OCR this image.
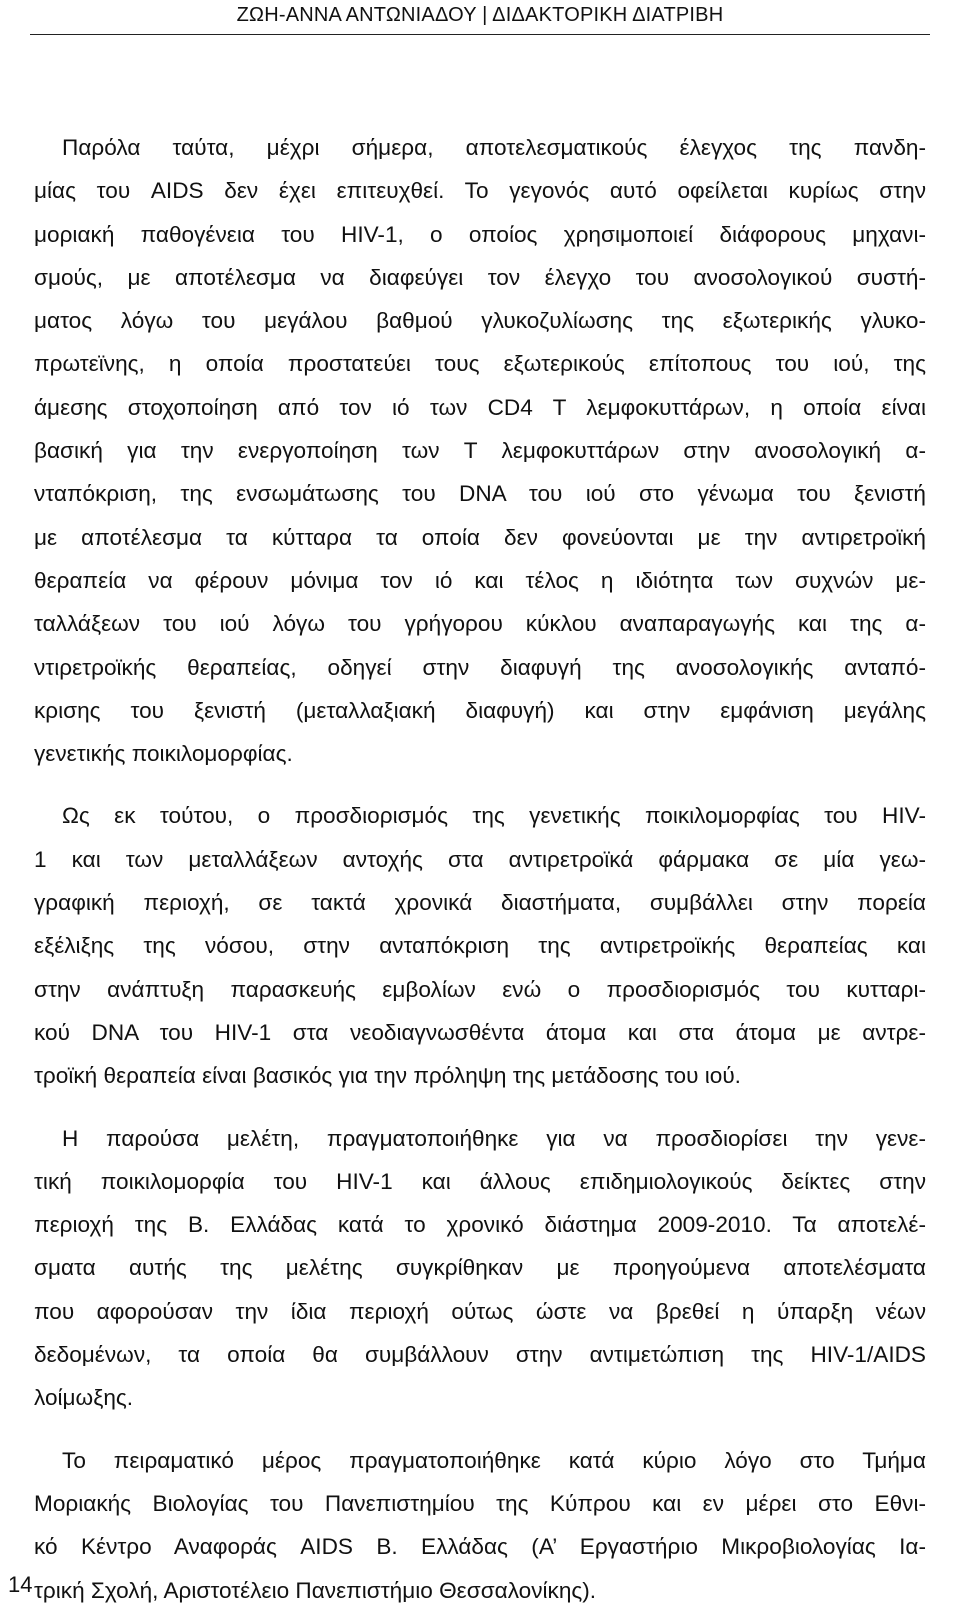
ΖΩΗ-ΑΝΝΑ ΑΝΤΩΝΙΑΔΟΥ | ΔΙΔΑΚΤΟΡΙΚΗ ΔΙΑΤΡΙΒΗ
Παρόλα ταύτα, μέχρι σήμερα, αποτελεσματικούς έλεγχος της πανδη-
μίας του AIDS δεν έχει επιτευχθεί. Το γεγονός αυτό οφείλεται κυρίως στην
μοριακή παθογένεια του HIV-1, ο οποίος χρησιμοποιεί διάφορους μηχανι-
σμούς, με αποτέλεσμα να διαφεύγει τον έλεγχο του ανοσολογικού συστή-
ματος λόγω του μεγάλου βαθμού γλυκοζυλίωσης της εξωτερικής γλυκο-
πρωτεϊνης, η οποία προστατεύει τους εξωτερικούς επίτοπους του ιού, της
άμεσης στοχοποίηση από τον ιό των CD4 T λεμφοκυττάρων, η οποία είναι
βασική για την ενεργοποίηση των T λεμφοκυττάρων στην ανοσολογική α-
νταπόκριση, της ενσωμάτωσης του DNA του ιού στο γένωμα του ξενιστή
με αποτέλεσμα τα κύτταρα τα οποία δεν φονεύονται με την αντιρετροϊκή
θεραπεία να φέρουν μόνιμα τον ιό και τέλος η ιδιότητα των συχνών με-
ταλλάξεων του ιού λόγω του γρήγορου κύκλου αναπαραγωγής και της α-
ντιρετροϊκής θεραπείας, οδηγεί στην διαφυγή της ανοσολογικής ανταπό-
κρισης του ξενιστή (μεταλλαξιακή διαφυγή) και στην εμφάνιση μεγάλης
γενετικής ποικιλομορφίας.
Ως εκ τούτου, ο προσδιορισμός της γενετικής ποικιλομορφίας του HIV-
1 και των μεταλλάξεων αντοχής στα αντιρετροϊκά φάρμακα σε μία γεω-
γραφική περιοχή, σε τακτά χρονικά διαστήματα, συμβάλλει στην πορεία
εξέλιξης της νόσου, στην ανταπόκριση της αντιρετροϊκής θεραπείας και
στην ανάπτυξη παρασκευής εμβολίων ενώ ο προσδιορισμός του κυτταρι-
κού DNA του HIV-1 στα νεοδιαγνωσθέντα άτομα και στα άτομα με αντρε-
τροϊκή θεραπεία είναι βασικός για την πρόληψη της μετάδοσης του ιού.
Η παρούσα μελέτη, πραγματοποιήθηκε για να προσδιορίσει την γενε-
τική ποικιλομορφία του HIV-1 και άλλους επιδημιολογικούς δείκτες στην
περιοχή της Β. Ελλάδας κατά το χρονικό διάστημα 2009-2010. Τα αποτελέ-
σματα αυτής της μελέτης συγκρίθηκαν με προηγούμενα αποτελέσματα
που αφορούσαν την ίδια περιοχή ούτως ώστε να βρεθεί η ύπαρξη νέων
δεδομένων, τα οποία θα συμβάλλουν στην αντιμετώπιση της HIV-1/AIDS
λοίμωξης.
Το πειραματικό μέρος πραγματοποιήθηκε κατά κύριο λόγο στο Τμήμα
Μοριακής Βιολογίας του Πανεπιστημίου της Κύπρου και εν μέρει στο Εθνι-
κό Κέντρο Αναφοράς AIDS Β. Ελλάδας (Α’ Εργαστήριο Μικροβιολογίας Ια-
τρική Σχολή, Αριστοτέλειο Πανεπιστήμιο Θεσσαλονίκης).
14
